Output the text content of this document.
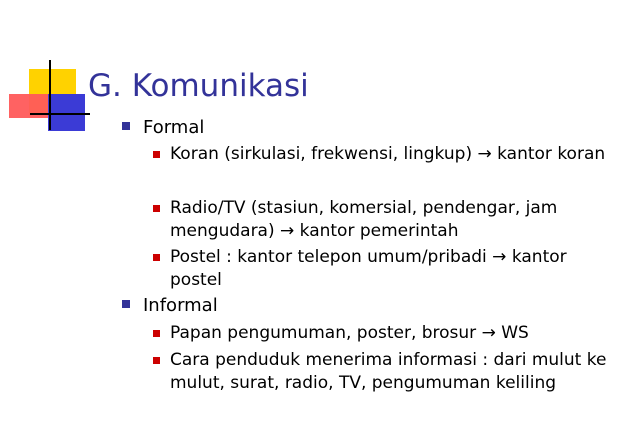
G. Komunikasi
Formal
Koran (sirkulasi, frekwensi, lingkup) → kantor koran
Radio/TV (stasiun, komersial, pendengar, jam mengudara) → kantor pemerintah
Postel : kantor telepon umum/pribadi → kantor postel
Informal
Papan pengumuman, poster, brosur → WS
Cara penduduk menerima informasi : dari mulut ke mulut, surat, radio, TV, pengumuman keliling
